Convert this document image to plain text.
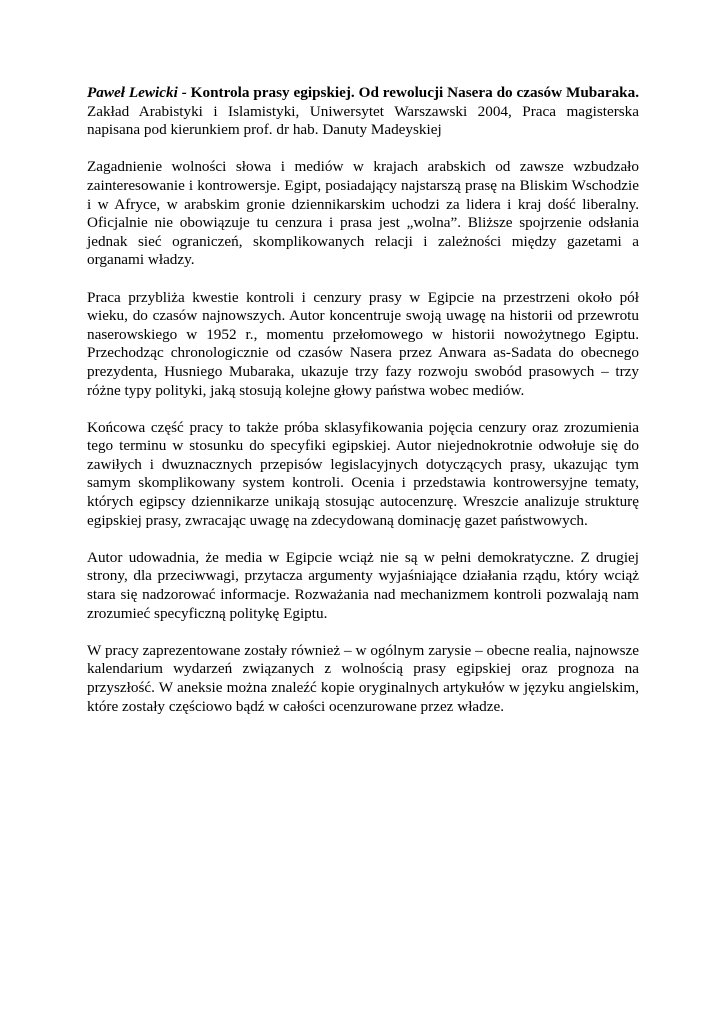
Paweł Lewicki - Kontrola prasy egipskiej. Od rewolucji Nasera do czasów Mubaraka. Zakład Arabistyki i Islamistyki, Uniwersytet Warszawski 2004, Praca magisterska napisana pod kierunkiem prof. dr hab. Danuty Madeyskiej

Zagadnienie wolności słowa i mediów w krajach arabskich od zawsze wzbudzało zainteresowanie i kontrowersje. Egipt, posiadający najstarszą prasę na Bliskim Wschodzie i w Afryce, w arabskim gronie dziennikarskim uchodzi za lidera i kraj dość liberalny. Oficjalnie nie obowiązuje tu cenzura i prasa jest „wolna”. Bliższe spojrzenie odsłania jednak sieć ograniczeń, skomplikowanych relacji i zależności między gazetami a organami władzy.

Praca przybliża kwestie kontroli i cenzury prasy w Egipcie na przestrzeni około pół wieku, do czasów najnowszych. Autor koncentruje swoją uwagę na historii od przewrotu naserowskiego w 1952 r., momentu przełomowego w historii nowożytnego Egiptu. Przechodząc chronologicznie od czasów Nasera przez Anwara as-Sadata do obecnego prezydenta, Husniego Mubaraka, ukazuje trzy fazy rozwoju swobód prasowych – trzy różne typy polityki, jaką stosują kolejne głowy państwa wobec mediów.

Końcowa część pracy to także próba sklasyfikowania pojęcia cenzury oraz zrozumienia tego terminu w stosunku do specyfiki egipskiej. Autor niejednokrotnie odwołuje się do zawiłych i dwuznacznych przepisów legislacyjnych dotyczących prasy, ukazując tym samym skomplikowany system kontroli. Ocenia i przedstawia kontrowersyjne tematy, których egipscy dziennikarze unikają stosując autocenzurę. Wreszcie analizuje strukturę egipskiej prasy, zwracając uwagę na zdecydowaną dominację gazet państwowych.

Autor udowadnia, że media w Egipcie wciąż nie są w pełni demokratyczne. Z drugiej strony, dla przeciwwagi, przytacza argumenty wyjaśniające działania rządu, który wciąż stara się nadzorować informacje. Rozważania nad mechanizmem kontroli pozwalają nam zrozumieć specyficzną politykę Egiptu.

W pracy zaprezentowane zostały również – w ogólnym zarysie – obecne realia, najnowsze kalendarium wydarzeń związanych z wolnością prasy egipskiej oraz prognoza na przyszłość. W aneksie można znaleźć kopie oryginalnych artykułów w języku angielskim, które zostały częściowo bądź w całości ocenzurowane przez władze.
